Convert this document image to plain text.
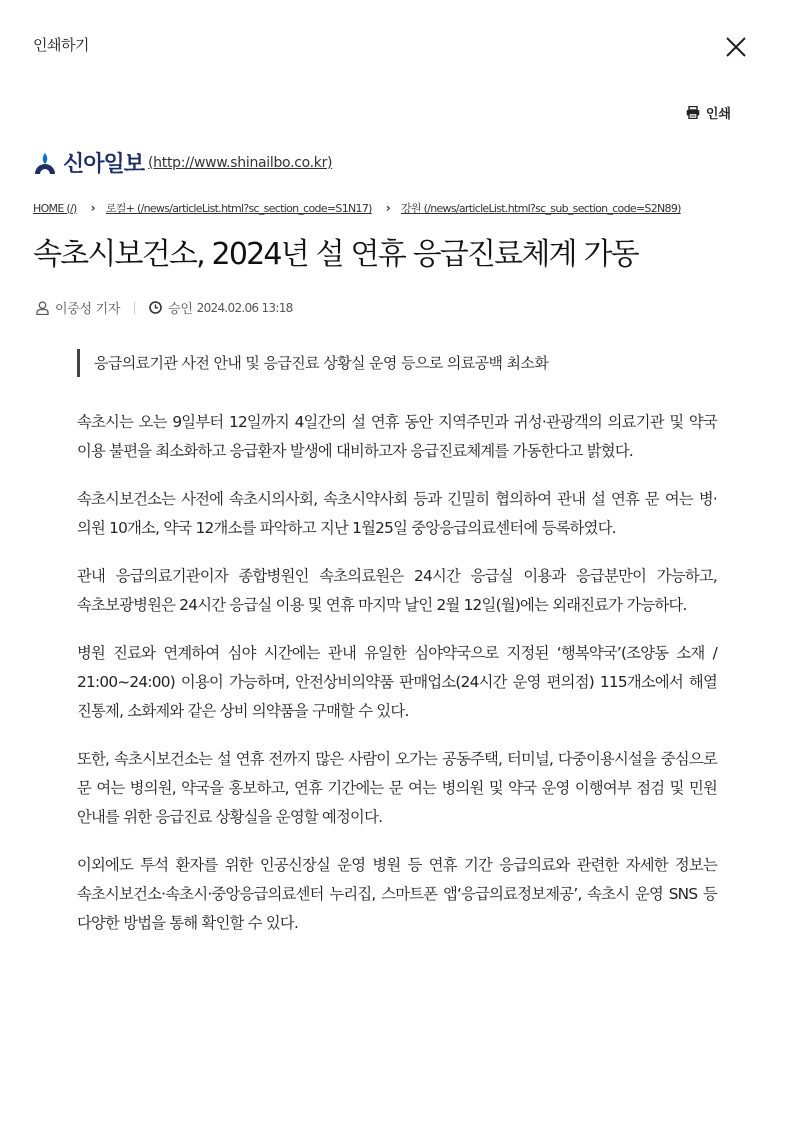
인쇄하기
인쇄
신아일보 (http://www.shinailbo.co.kr)
HOME (/) › 로컬+ (/news/articleList.html?sc_section_code=S1N17) › 강원 (/news/articleList.html?sc_sub_section_code=S2N89)
속초시보건소, 2024년 설 연휴 응급진료체계 가동
이중성 기자	승인 2024.02.06 13:18
응급의료기관 사전 안내 및 응급진료 상황실 운영 등으로 의료공백 최소화

속초시는 오는 9일부터 12일까지 4일간의 설 연휴 동안 지역주민과 귀성·관광객의 의료기관 및 약국 이용 불편을 최소화하고 응급환자 발생에 대비하고자 응급진료체계를 가동한다고 밝혔다.

속초시보건소는 사전에 속초시의사회, 속초시약사회 등과 긴밀히 협의하여 관내 설 연휴 문 여는 병·의원 10개소, 약국 12개소를 파악하고 지난 1월25일 중앙응급의료센터에 등록하였다.

관내 응급의료기관이자 종합병원인 속초의료원은 24시간 응급실 이용과 응급분만이 가능하고, 속초보광병원은 24시간 응급실 이용 및 연휴 마지막 날인 2월 12일(월)에는 외래진료가 가능하다.

병원 진료와 연계하여 심야 시간에는 관내 유일한 심야약국으로 지정된 ‘행복약국’(조양동 소재 / 21:00~24:00) 이용이 가능하며, 안전상비의약품 판매업소(24시간 운영 편의점) 115개소에서 해열 진통제, 소화제와 같은 상비 의약품을 구매할 수 있다.

또한, 속초시보건소는 설 연휴 전까지 많은 사람이 오가는 공동주택, 터미널, 다중이용시설을 중심으로 문 여는 병의원, 약국을 홍보하고, 연휴 기간에는 문 여는 병의원 및 약국 운영 이행여부 점검 및 민원 안내를 위한 응급진료 상황실을 운영할 예정이다.

이외에도 투석 환자를 위한 인공신장실 운영 병원 등 연휴 기간 응급의료와 관련한 자세한 정보는 속초시보건소·속초시·중앙응급의료센터 누리집, 스마트폰 앱‘응급의료정보제공’, 속초시 운영 SNS 등 다양한 방법을 통해 확인할 수 있다.
